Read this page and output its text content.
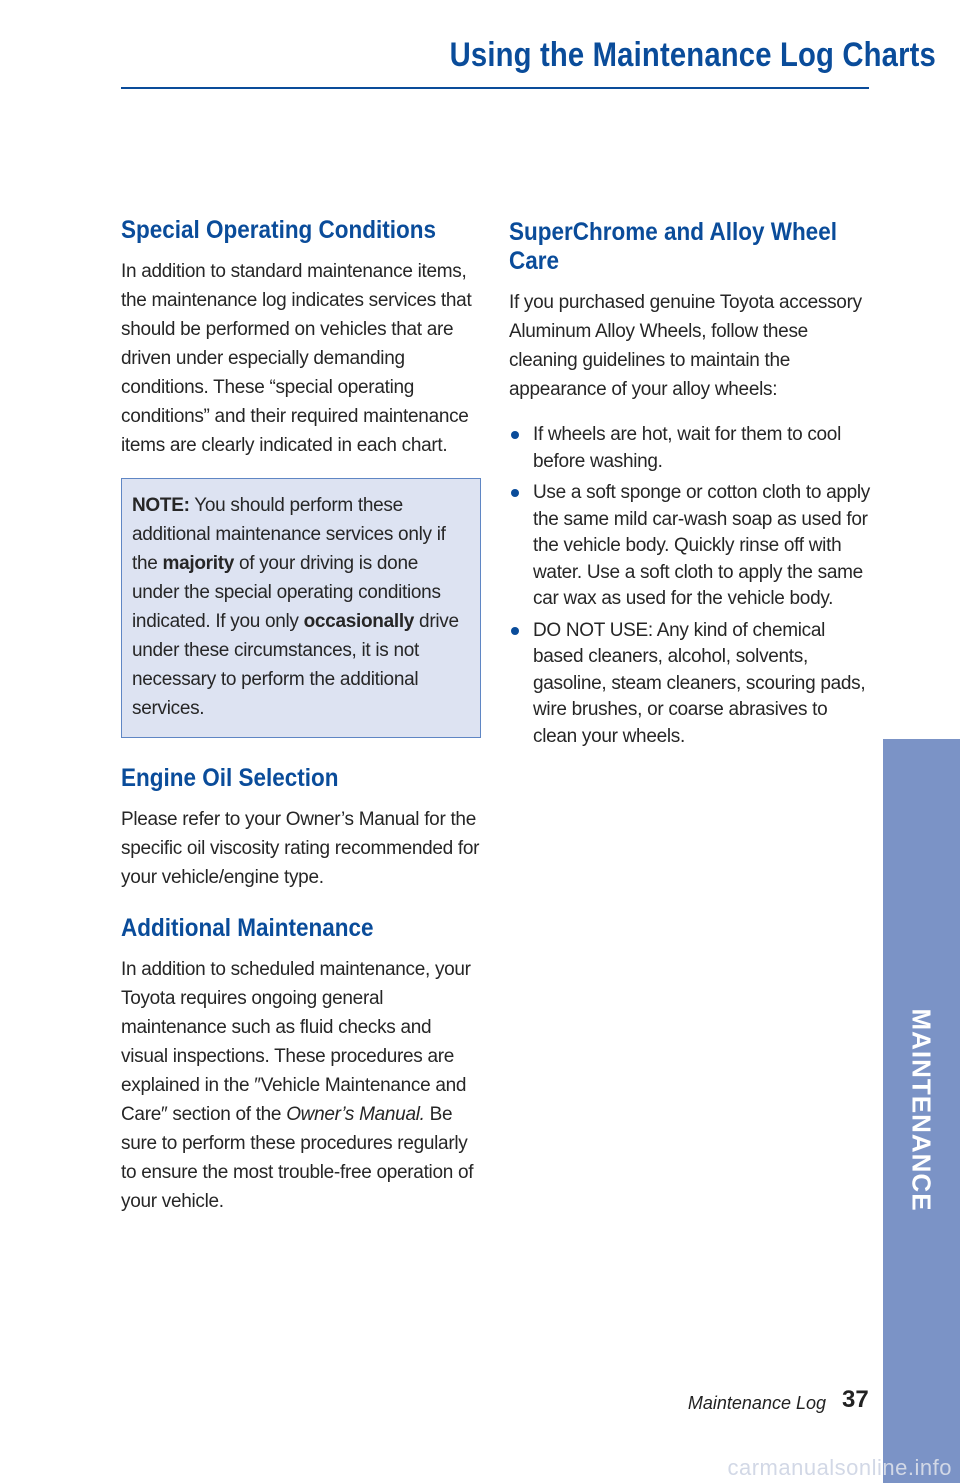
Using the Maintenance Log Charts
Special Operating Conditions

In addition to standard maintenance items, the maintenance log indicates services that should be performed on vehicles that are driven under especially demanding conditions. These “special operating conditions” and their required maintenance items are clearly indicated in each chart.

NOTE: You should perform these additional maintenance services only if the majority of your driving is done under the special operating conditions indicated. If you only occasionally drive under these circumstances, it is not necessary to perform the additional services.

Engine Oil Selection

Please refer to your Owner’s Manual for the specific oil viscosity rating recommended for your vehicle/engine type.

Additional Maintenance

In addition to scheduled maintenance, your Toyota requires ongoing general maintenance such as fluid checks and visual inspections. These procedures are explained in the ″Vehicle Maintenance and Care″ section of the Owner’s Manual. Be sure to perform these procedures regularly to ensure the most trouble-free operation of your vehicle.

SuperChrome and Alloy Wheel Care

If you purchased genuine Toyota accessory Aluminum Alloy Wheels, follow these cleaning guidelines to maintain the appearance of your alloy wheels:

If wheels are hot, wait for them to cool before washing.
Use a soft sponge or cotton cloth to apply the same mild car-wash soap as used for the vehicle body. Quickly rinse off with water. Use a soft cloth to apply the same car wax as used for the vehicle body.
DO NOT USE: Any kind of chemical based cleaners, alcohol, solvents, gasoline, steam cleaners, scouring pads, wire brushes, or coarse abrasives to clean your wheels.
MAINTENANCE
Maintenance Log 37
carmanualsonline.info
